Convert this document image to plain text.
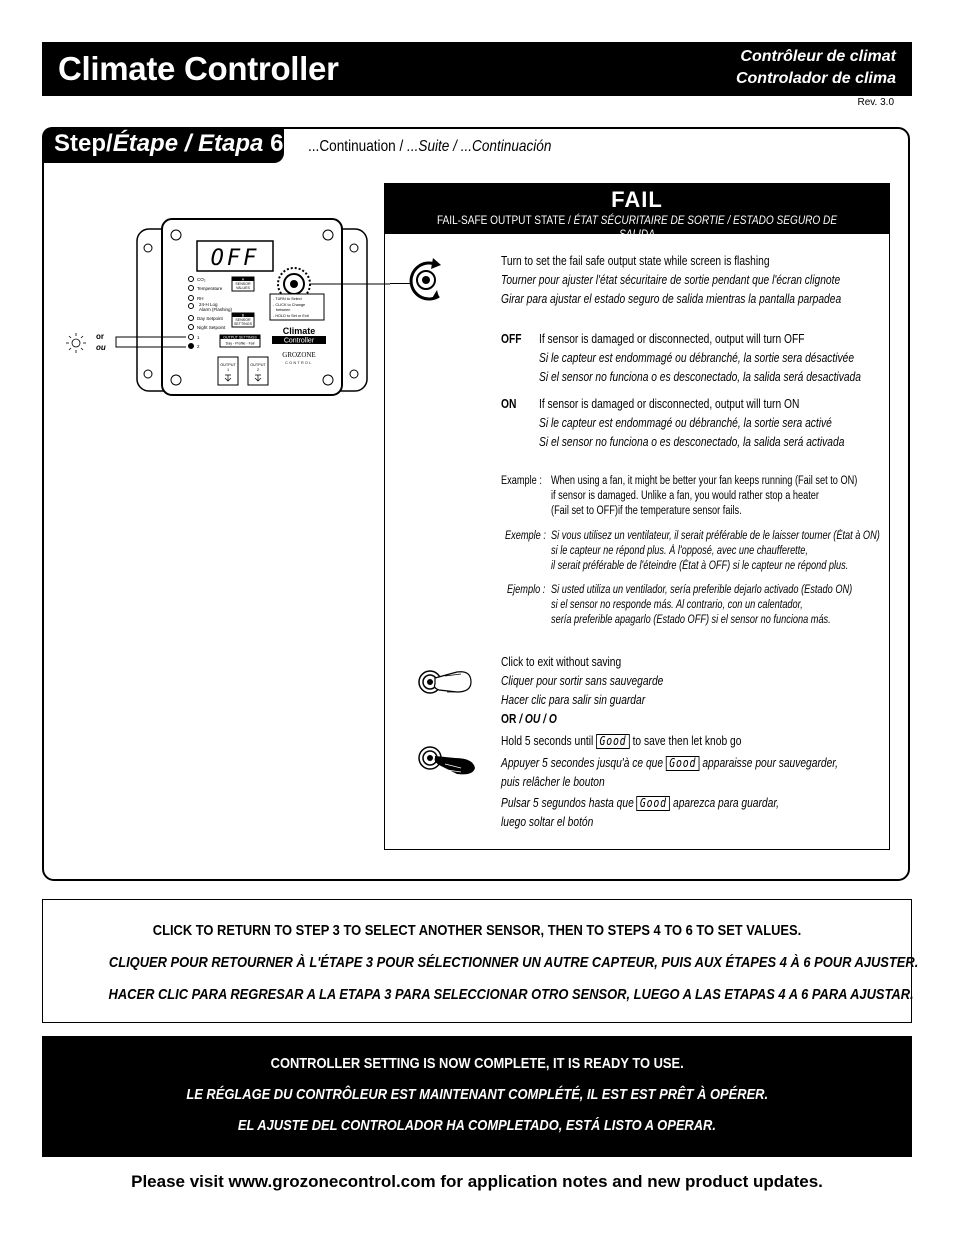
Climate Controller	Contrôleur de climat
Controlador de clima
Rev. 3.0
Step/Étape / Etapa 6 ...Continuation / ...Suite / ...Continuación
OFF
CO₂
Temperature
RH
24-H Log
Alarm (Flashing)
Day Setpoint
Night Setpoint
1
2
A
SENSOR
VALUES
B
SENSOR
SETTINGS
OUTPUT SETTINGS
Day - Profile - Fail
- TURN to Select
- CLICK to Change
between
- HOLD to Set or Exit
Climate
Controller
GROZONE
CONTROL
OUTPUT
1
OUTPUT
2
or
ou
FAIL
FAIL-SAFE OUTPUT STATE / ÉTAT SÉCURITAIRE DE SORTIE / ESTADO SEGURO DE SALIDA
Turn to set the fail safe output state while screen is flashing
Tourner pour ajuster l'état sécuritaire de sortie pendant que l'écran clignote
Girar para ajustar el estado seguro de salida mientras la pantalla parpadea
OFF If sensor is damaged or disconnected, output will turn OFF
Si le capteur est endommagé ou débranché, la sortie sera désactivée
Si el sensor no funciona o es desconectado, la salida será desactivada
ON If sensor is damaged or disconnected, output will turn ON
Si le capteur est endommagé ou débranché, la sortie sera activé
Si el sensor no funciona o es desconectado, la salida será activada
Example : When using a fan, it might be better your fan keeps running (Fail set to ON)
if sensor is damaged. Unlike a fan, you would rather stop a heater
(Fail set to OFF)if the temperature sensor fails.
Exemple : Si vous utilisez un ventilateur, il serait préférable de le laisser tourner (État à ON)
si le capteur ne répond plus. À l'opposé, avec une chaufferette,
il serait préférable de l'éteindre (État à OFF) si le capteur ne répond plus.
Ejemplo : Si usted utiliza un ventilador, sería preferible dejarlo activado (Estado ON)
si el sensor no responde más. Al contrario, con un calentador,
sería preferible apagarlo (Estado OFF) si el sensor no funciona más.
Click to exit without saving
Cliquer pour sortir sans sauvegarde
Hacer clic para salir sin guardar
OR / OU / O
Hold 5 seconds until Good to save then let knob go
Appuyer 5 secondes jusqu'à ce que Good apparaisse pour sauvegarder,
puis relâcher le bouton
Pulsar 5 segundos hasta que Good aparezca para guardar,
luego soltar el botón
CLICK TO RETURN TO STEP 3 TO SELECT ANOTHER SENSOR, THEN TO STEPS 4 TO 6 TO SET VALUES.
CLIQUER POUR RETOURNER À L'ÉTAPE 3 POUR SÉLECTIONNER UN AUTRE CAPTEUR, PUIS AUX ÉTAPES 4 À 6 POUR AJUSTER.
HACER CLIC PARA REGRESAR A LA ETAPA 3 PARA SELECCIONAR OTRO SENSOR, LUEGO A LAS ETAPAS 4 A 6 PARA AJUSTAR.
CONTROLLER SETTING IS NOW COMPLETE, IT IS READY TO USE.
LE RÉGLAGE DU CONTRÔLEUR EST MAINTENANT COMPLÉTÉ, IL EST EST PRÊT À OPÉRER.
EL AJUSTE DEL CONTROLADOR HA COMPLETADO, ESTÁ LISTO A OPERAR.
Please visit www.grozonecontrol.com for application notes and new product updates.
